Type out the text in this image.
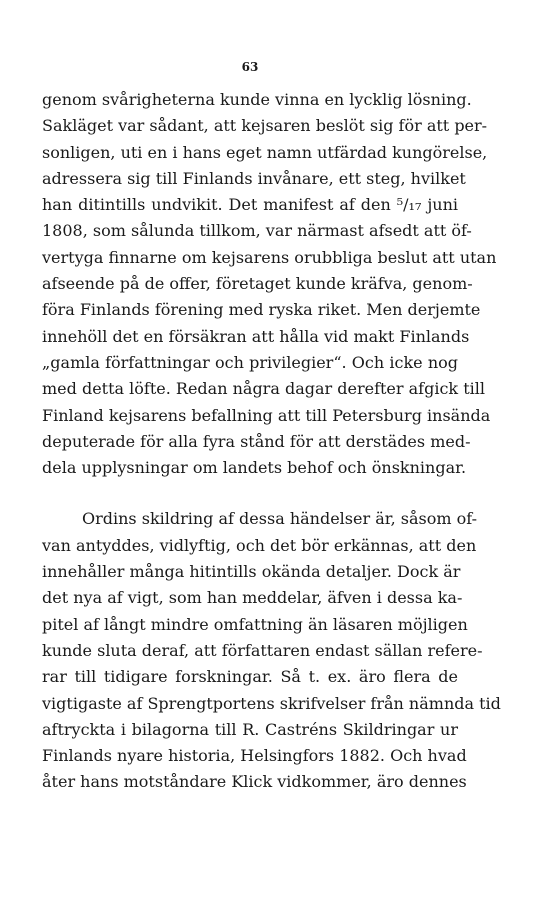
63
genom svårigheterna kunde vinna en lycklig lösning.
Sakläget var sådant, att kejsaren beslöt sig för att per-
sonligen, uti en i hans eget namn utfärdad kungörelse,
adressera sig till Finlands invånare, ett steg, hvilket
han ditintills undvikit. Det manifest af den ⁵/₁₇ juni
1808, som sålunda tillkom, var närmast afsedt att öf-
vertyga finnarne om kejsarens orubbliga beslut att utan
afseende på de offer, företaget kunde kräfva, genom-
föra Finlands förening med ryska riket. Men derjemte
innehöll det en försäkran att hålla vid makt Finlands
„gamla författningar och privilegier“. Och icke nog
med detta löfte. Redan några dagar derefter afgick till
Finland kejsarens befallning att till Petersburg insända
deputerade för alla fyra stånd för att derstädes med-
dela upplysningar om landets behof och önskningar.
Ordins skildring af dessa händelser är, såsom of-
van antyddes, vidlyftig, och det bör erkännas, att den
innehåller många hitintills okända detaljer. Dock är
det nya af vigt, som han meddelar, äfven i dessa ka-
pitel af långt mindre omfattning än läsaren möjligen
kunde sluta deraf, att författaren endast sällan refere-
rar till tidigare forskningar. Så t. ex. äro flera de
vigtigaste af Sprengtportens skrifvelser från nämnda tid
aftryckta i bilagorna till R. Castréns Skildringar ur
Finlands nyare historia, Helsingfors 1882. Och hvad
åter hans motståndare Klick vidkommer, äro dennes
